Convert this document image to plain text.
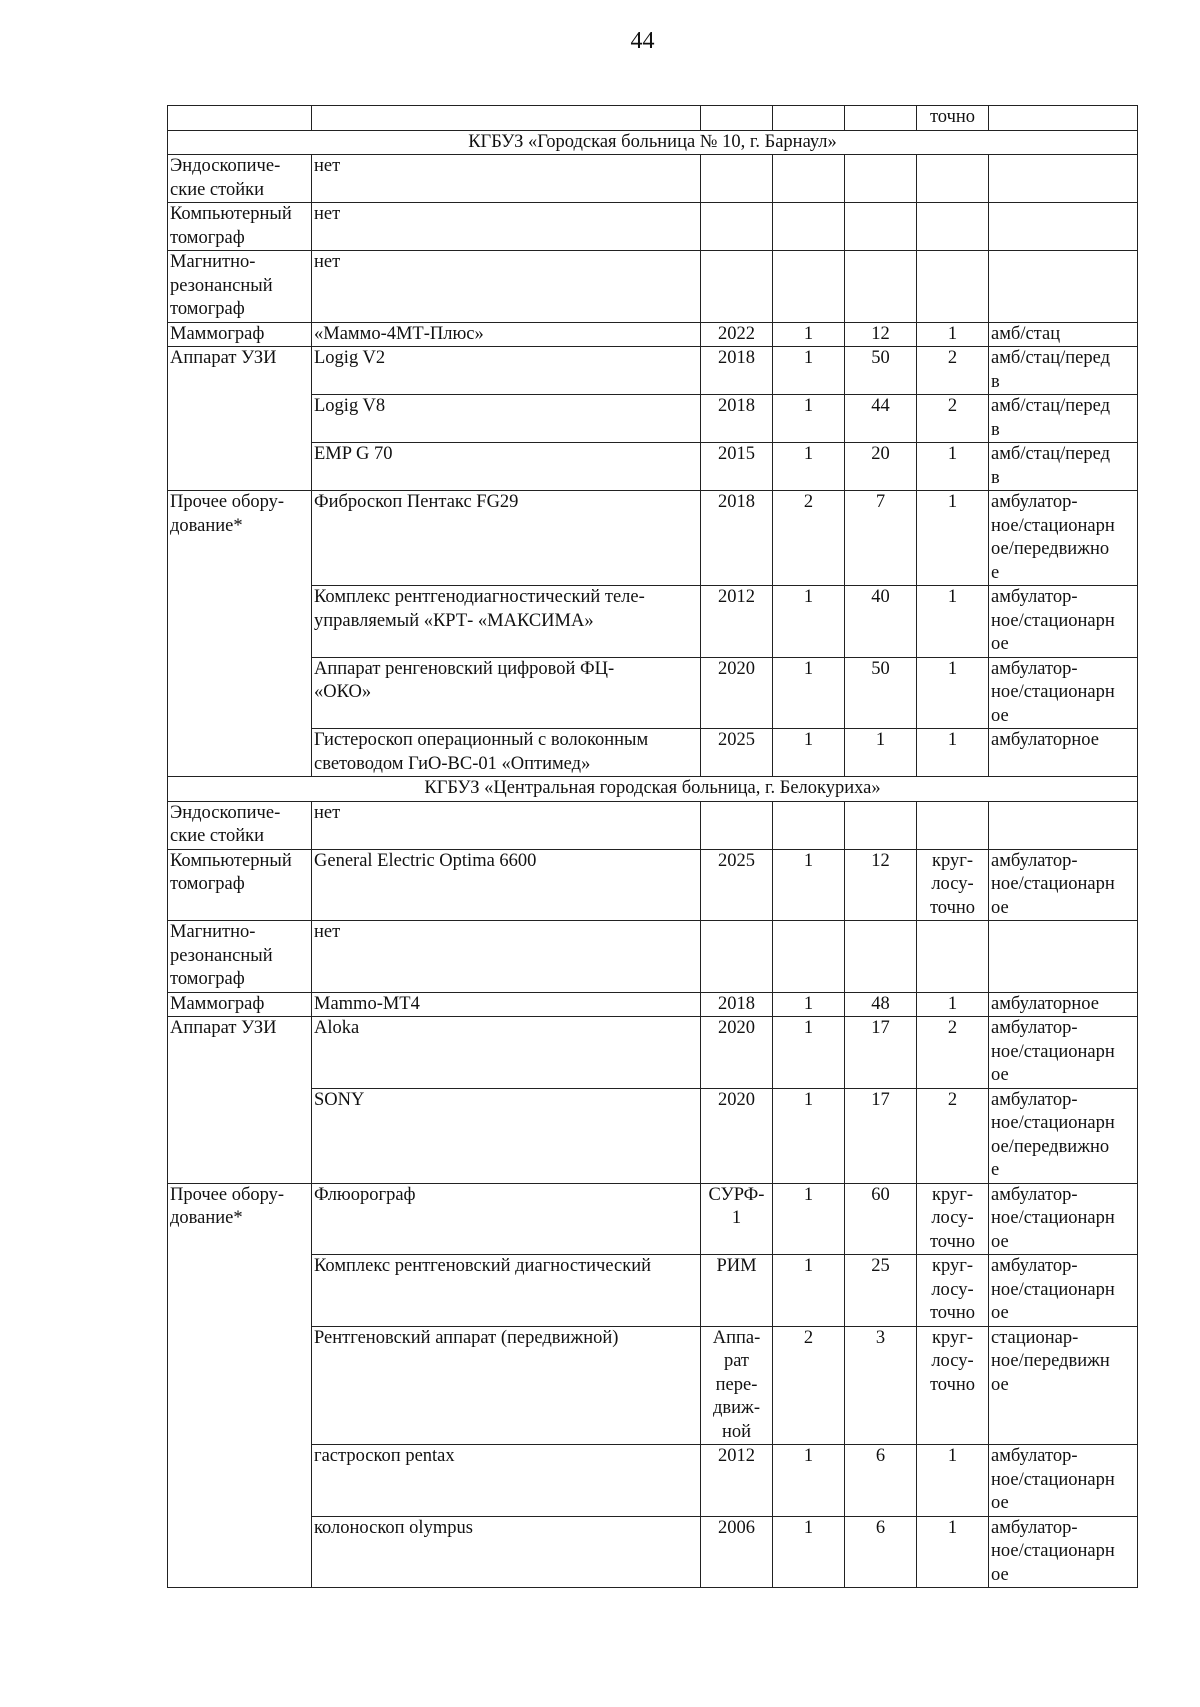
44
					точно	
КГБУЗ «Городская больница № 10, г. Барнаул»						
Эндоскопиче-
ские стойки	нет					
Компьютерный
томограф	нет					
Магнитно-
резонансный
томограф	нет					
Маммограф	«Маммо-4МТ-Плюс»	2022	1	12	1	амб/стац
Аппарат УЗИ	Logig V2	2018	1	50	2	амб/стац/перед
в
	Logig V8	2018	1	44	2	амб/стац/перед
в
	EMP G 70	2015	1	20	1	амб/стац/перед
в
Прочее обору-
дование*	Фиброскоп Пентакс FG29	2018	2	7	1	амбулатор-
ное/стационарн
ое/передвижно
е
	Комплекс рентгенодиагностический теле-
управляемый «КРТ- «МАКСИМА»	2012	1	40	1	амбулатор-
ное/стационарн
ое
	Аппарат ренгеновский цифровой ФЦ-
«ОКО»	2020	1	50	1	амбулатор-
ное/стационарн
ое
	Гистероскоп операционный с волоконным
световодом ГиО-ВС-01 «Оптимед»	2025	1	1	1	амбулаторное
КГБУЗ «Центральная городская больница, г. Белокуриха»						
Эндоскопиче-
ские стойки	нет					
Компьютерный
томограф	General Electric Optima 6600	2025	1	12	круг-
лосу-
точно	амбулатор-
ное/стационарн
ое
Магнитно-
резонансный
томограф	нет					
Маммограф	Mammo-MT4	2018	1	48	1	амбулаторное
Аппарат УЗИ	Aloka	2020	1	17	2	амбулатор-
ное/стационарн
ое
	SONY	2020	1	17	2	амбулатор-
ное/стационарн
ое/передвижно
е
Прочее обору-
дование*	Флюорограф	СУРФ-
1	1	60	круг-
лосу-
точно	амбулатор-
ное/стационарн
ое
	Комплекс рентгеновский диагностический	РИМ	1	25	круг-
лосу-
точно	амбулатор-
ное/стационарн
ое
	Рентгеновский аппарат (передвижной)	Аппа-
рат
пере-
движ-
ной	2	3	круг-
лосу-
точно	стационар-
ное/передвижн
ое
	гастроскоп pentax	2012	1	6	1	амбулатор-
ное/стационарн
ое
	колоноскоп olympus	2006	1	6	1	амбулатор-
ное/стационарн
ое
